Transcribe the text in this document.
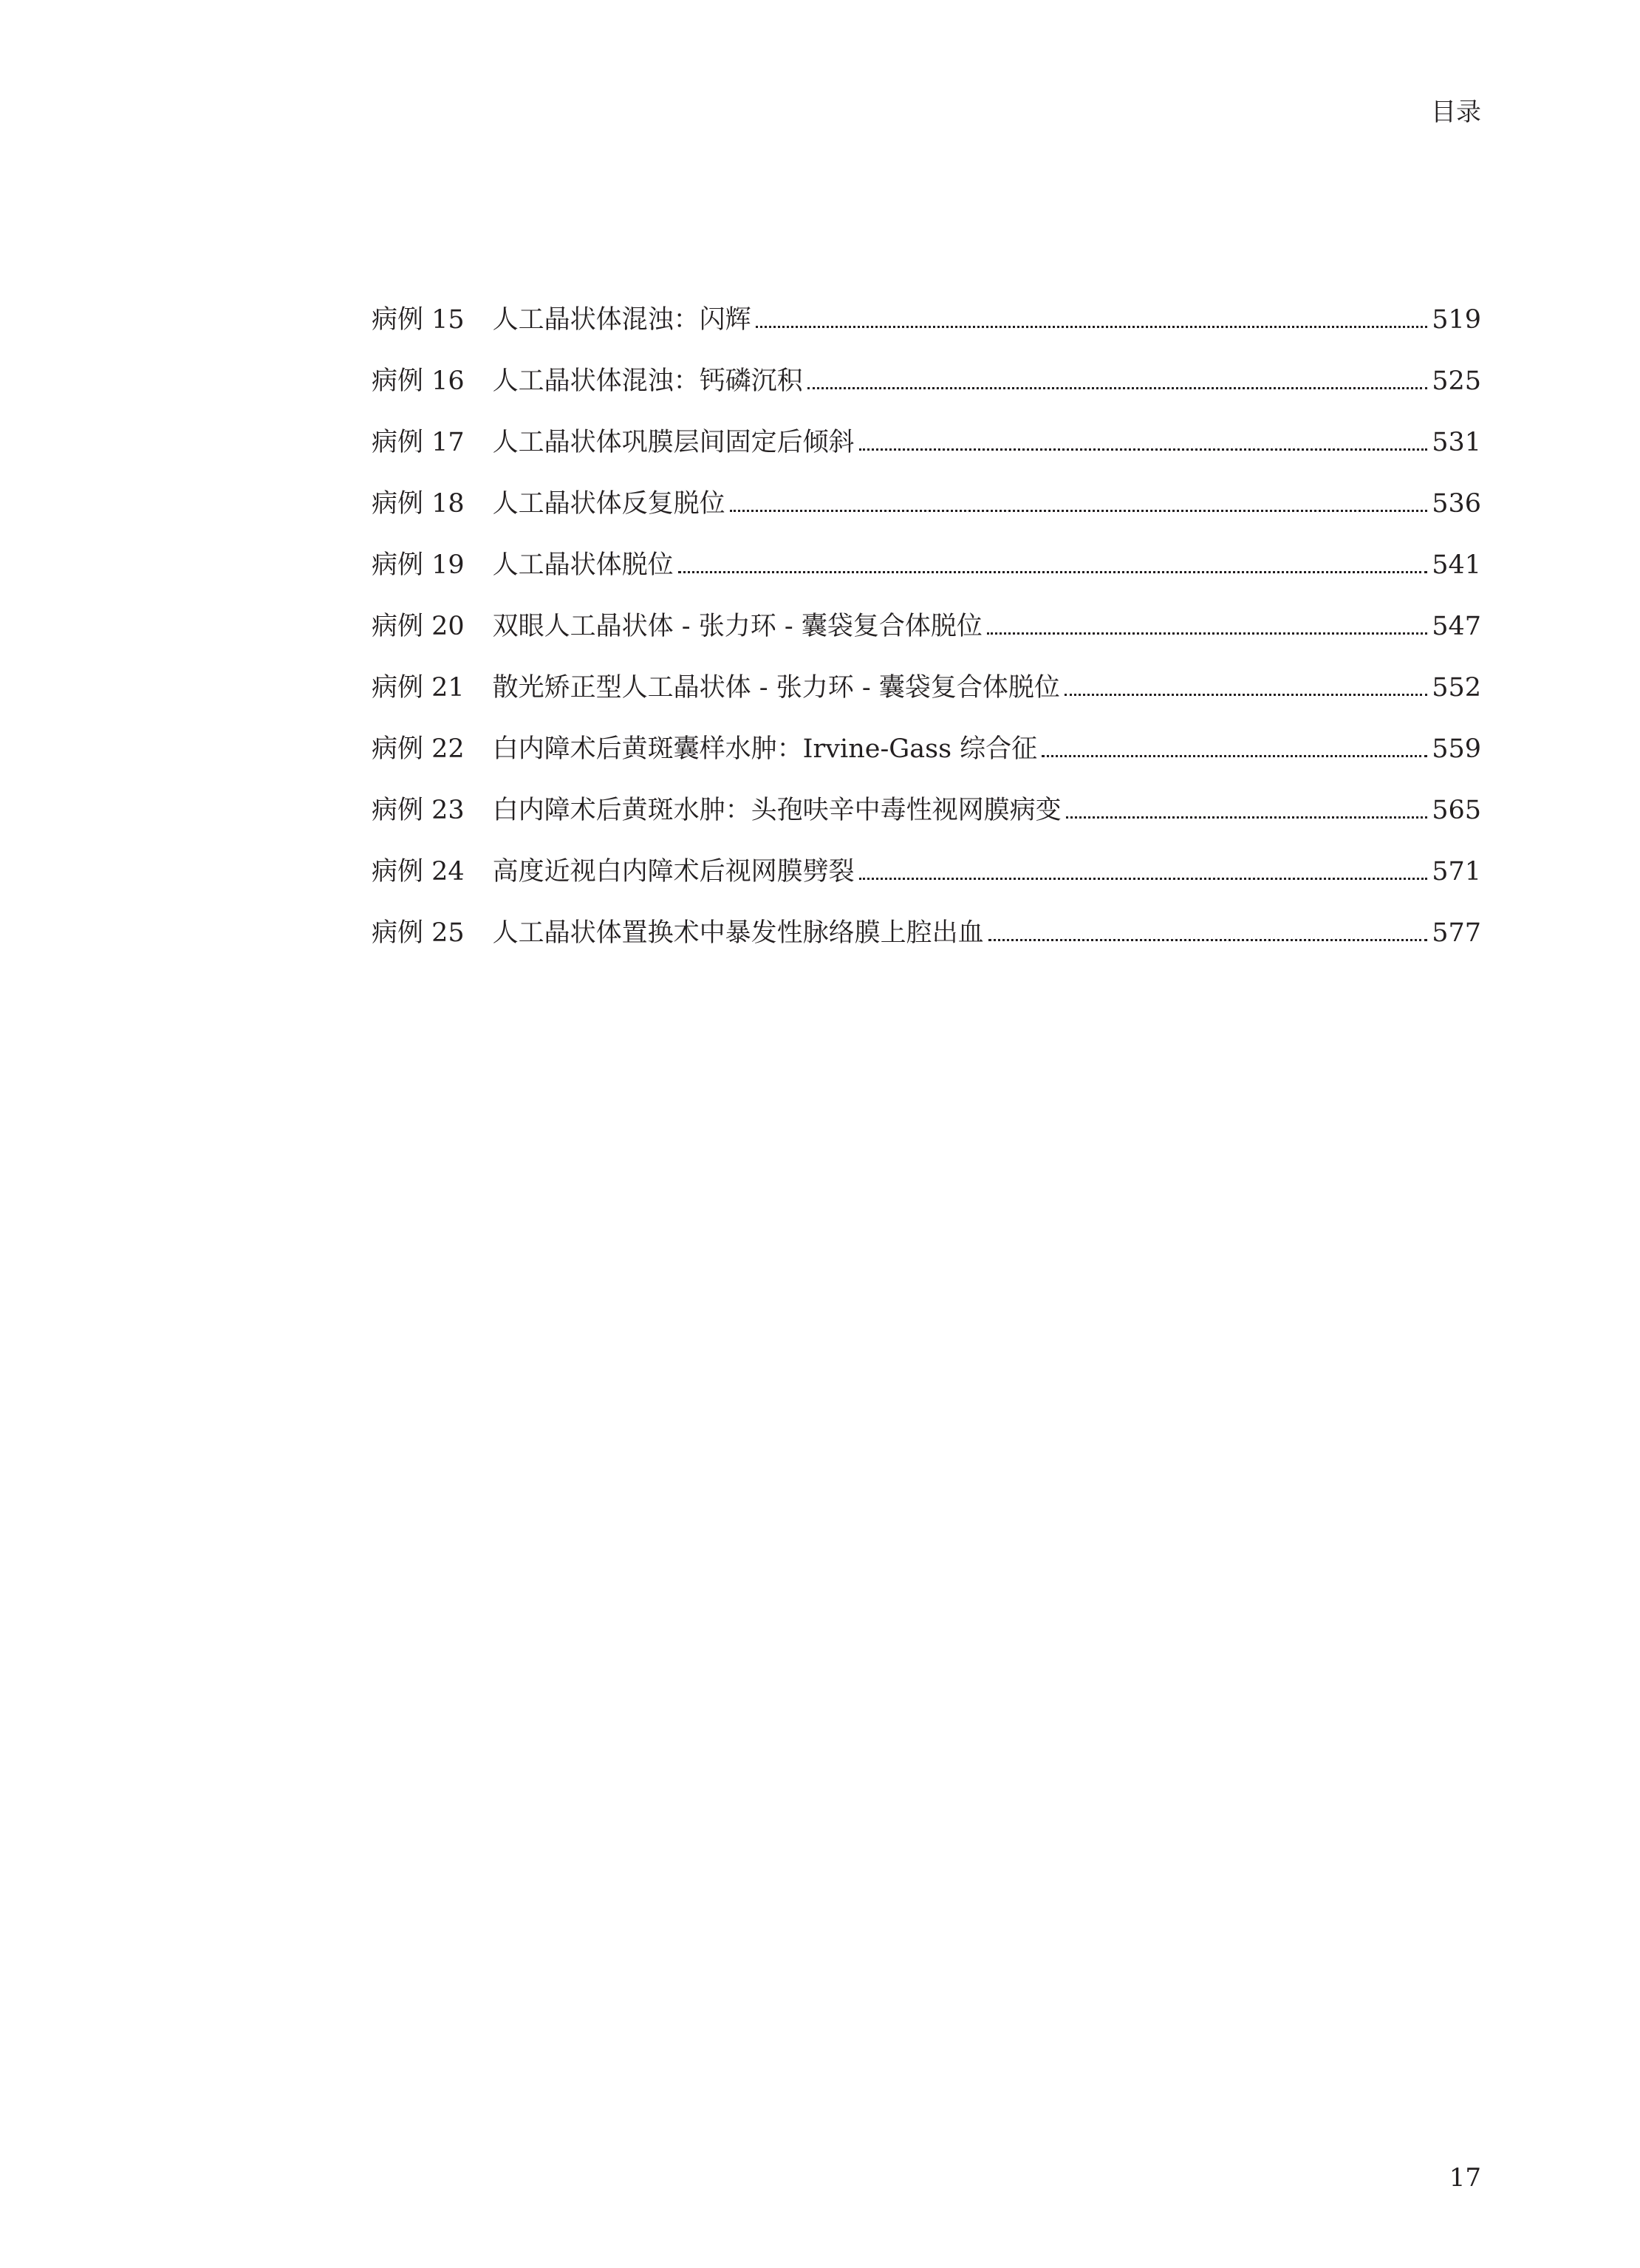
目录
病例 15 人工晶状体混浊：闪辉	519
病例 16 人工晶状体混浊：钙磷沉积	525
病例 17 人工晶状体巩膜层间固定后倾斜	531
病例 18 人工晶状体反复脱位	536
病例 19 人工晶状体脱位	541
病例 20 双眼人工晶状体 - 张力环 - 囊袋复合体脱位	547
病例 21 散光矫正型人工晶状体 - 张力环 - 囊袋复合体脱位	552
病例 22 白内障术后黄斑囊样水肿：Irvine-Gass 综合征	559
病例 23 白内障术后黄斑水肿：头孢呋辛中毒性视网膜病变	565
病例 24 高度近视白内障术后视网膜劈裂	571
病例 25 人工晶状体置换术中暴发性脉络膜上腔出血	577
17
